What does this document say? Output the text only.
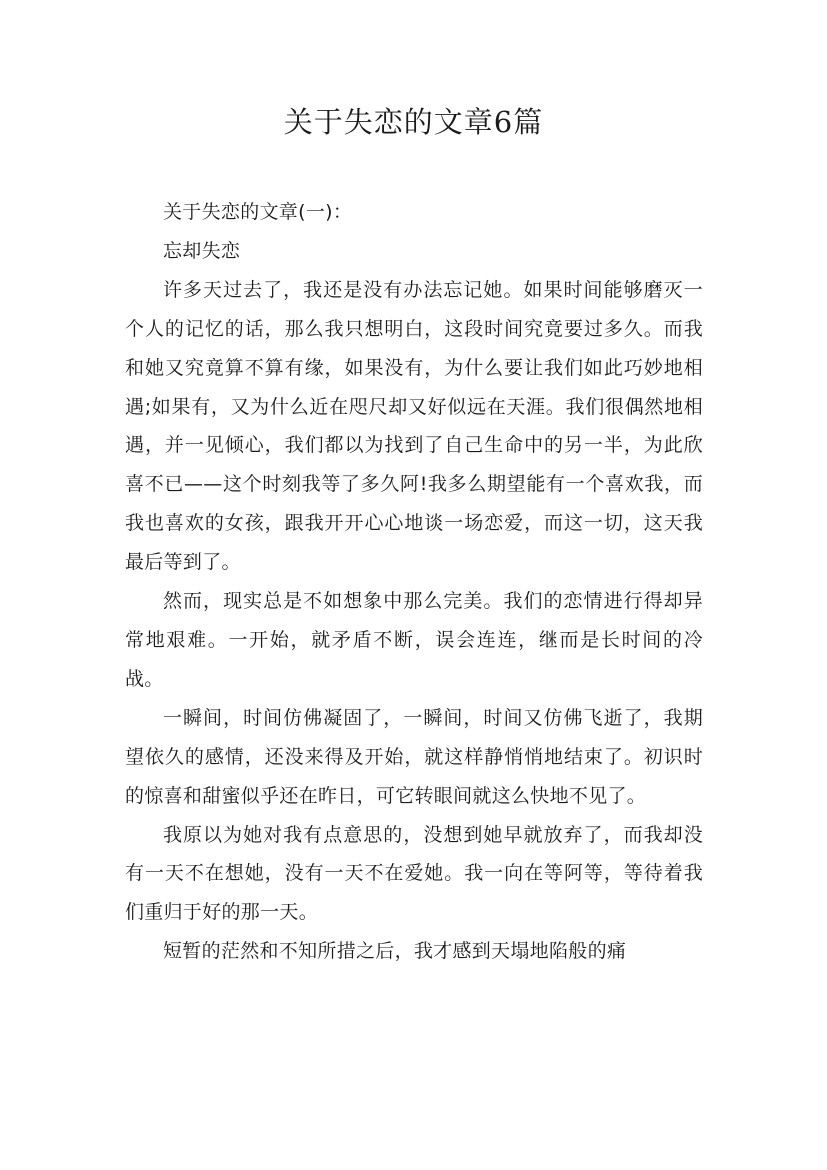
关于失恋的文章6篇

关于失恋的文章(一)：

忘却失恋

许多天过去了，我还是没有办法忘记她。如果时间能够磨灭一个人的记忆的话，那么我只想明白，这段时间究竟要过多久。而我和她又究竟算不算有缘，如果没有，为什么要让我们如此巧妙地相遇;如果有，又为什么近在咫尺却又好似远在天涯。我们很偶然地相遇，并一见倾心，我们都以为找到了自己生命中的另一半，为此欣喜不已——这个时刻我等了多久阿!我多么期望能有一个喜欢我，而我也喜欢的女孩，跟我开开心心地谈一场恋爱，而这一切，这天我最后等到了。

然而，现实总是不如想象中那么完美。我们的恋情进行得却异常地艰难。一开始，就矛盾不断，误会连连，继而是长时间的冷战。

一瞬间，时间仿佛凝固了，一瞬间，时间又仿佛飞逝了，我期望依久的感情，还没来得及开始，就这样静悄悄地结束了。初识时的惊喜和甜蜜似乎还在昨日，可它转眼间就这么快地不见了。

我原以为她对我有点意思的，没想到她早就放弃了，而我却没有一天不在想她，没有一天不在爱她。我一向在等阿等，等待着我们重归于好的那一天。

短暂的茫然和不知所措之后，我才感到天塌地陷般的痛
